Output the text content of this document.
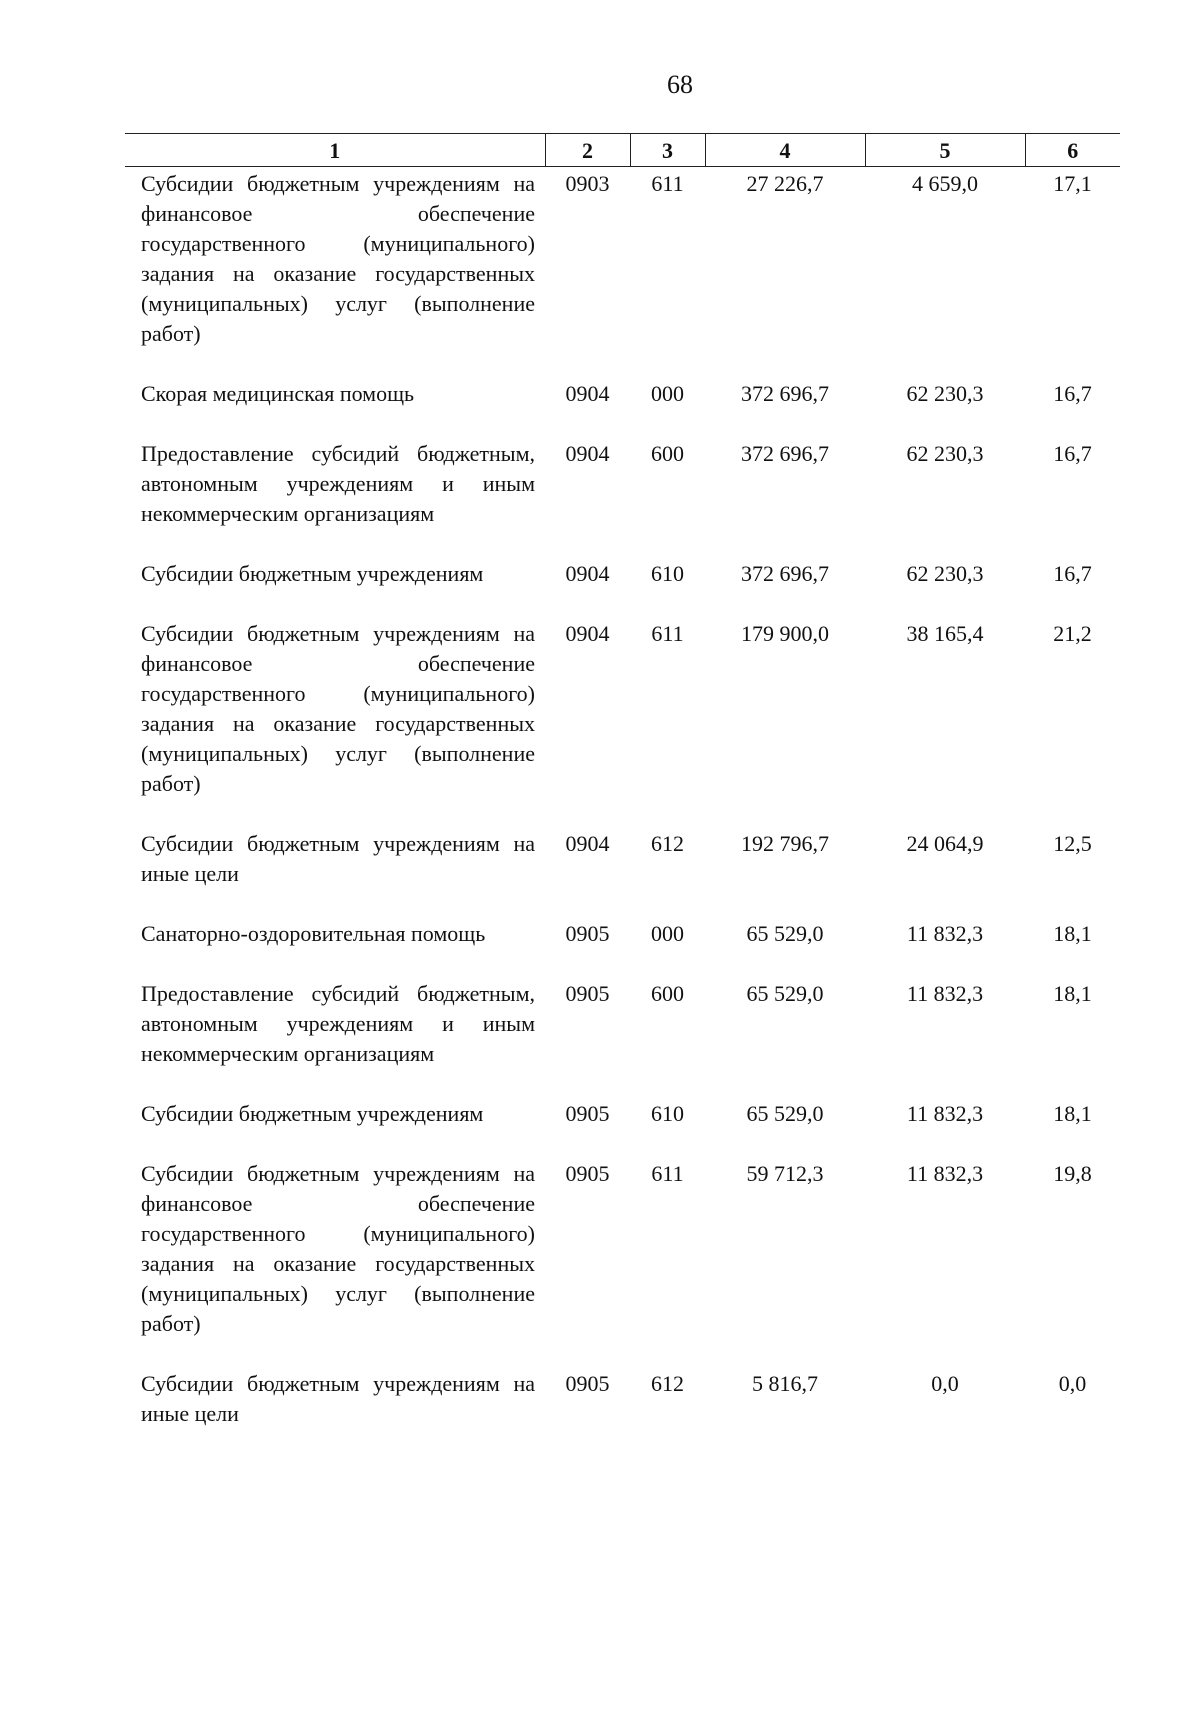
68
1	2	3	4	5	6
Субсидии бюджетным учреждениям на финансовое обеспечение государственного (муниципального) задания на оказание государственных (муниципальных) услуг (выполнение работ)	0903	611	27 226,7	4 659,0	17,1
Скорая медицинская помощь	0904	000	372 696,7	62 230,3	16,7
Предоставление субсидий бюджетным, автономным учреждениям и иным некоммерческим организациям	0904	600	372 696,7	62 230,3	16,7
Субсидии бюджетным учреждениям	0904	610	372 696,7	62 230,3	16,7
Субсидии бюджетным учреждениям на финансовое обеспечение государственного (муниципального) задания на оказание государственных (муниципальных) услуг (выполнение работ)	0904	611	179 900,0	38 165,4	21,2
Субсидии бюджетным учреждениям на иные цели	0904	612	192 796,7	24 064,9	12,5
Санаторно-оздоровительная помощь	0905	000	65 529,0	11 832,3	18,1
Предоставление субсидий бюджетным, автономным учреждениям и иным некоммерческим организациям	0905	600	65 529,0	11 832,3	18,1
Субсидии бюджетным учреждениям	0905	610	65 529,0	11 832,3	18,1
Субсидии бюджетным учреждениям на финансовое обеспечение государственного (муниципального) задания на оказание государственных (муниципальных) услуг (выполнение работ)	0905	611	59 712,3	11 832,3	19,8
Субсидии бюджетным учреждениям на иные цели	0905	612	5 816,7	0,0	0,0
